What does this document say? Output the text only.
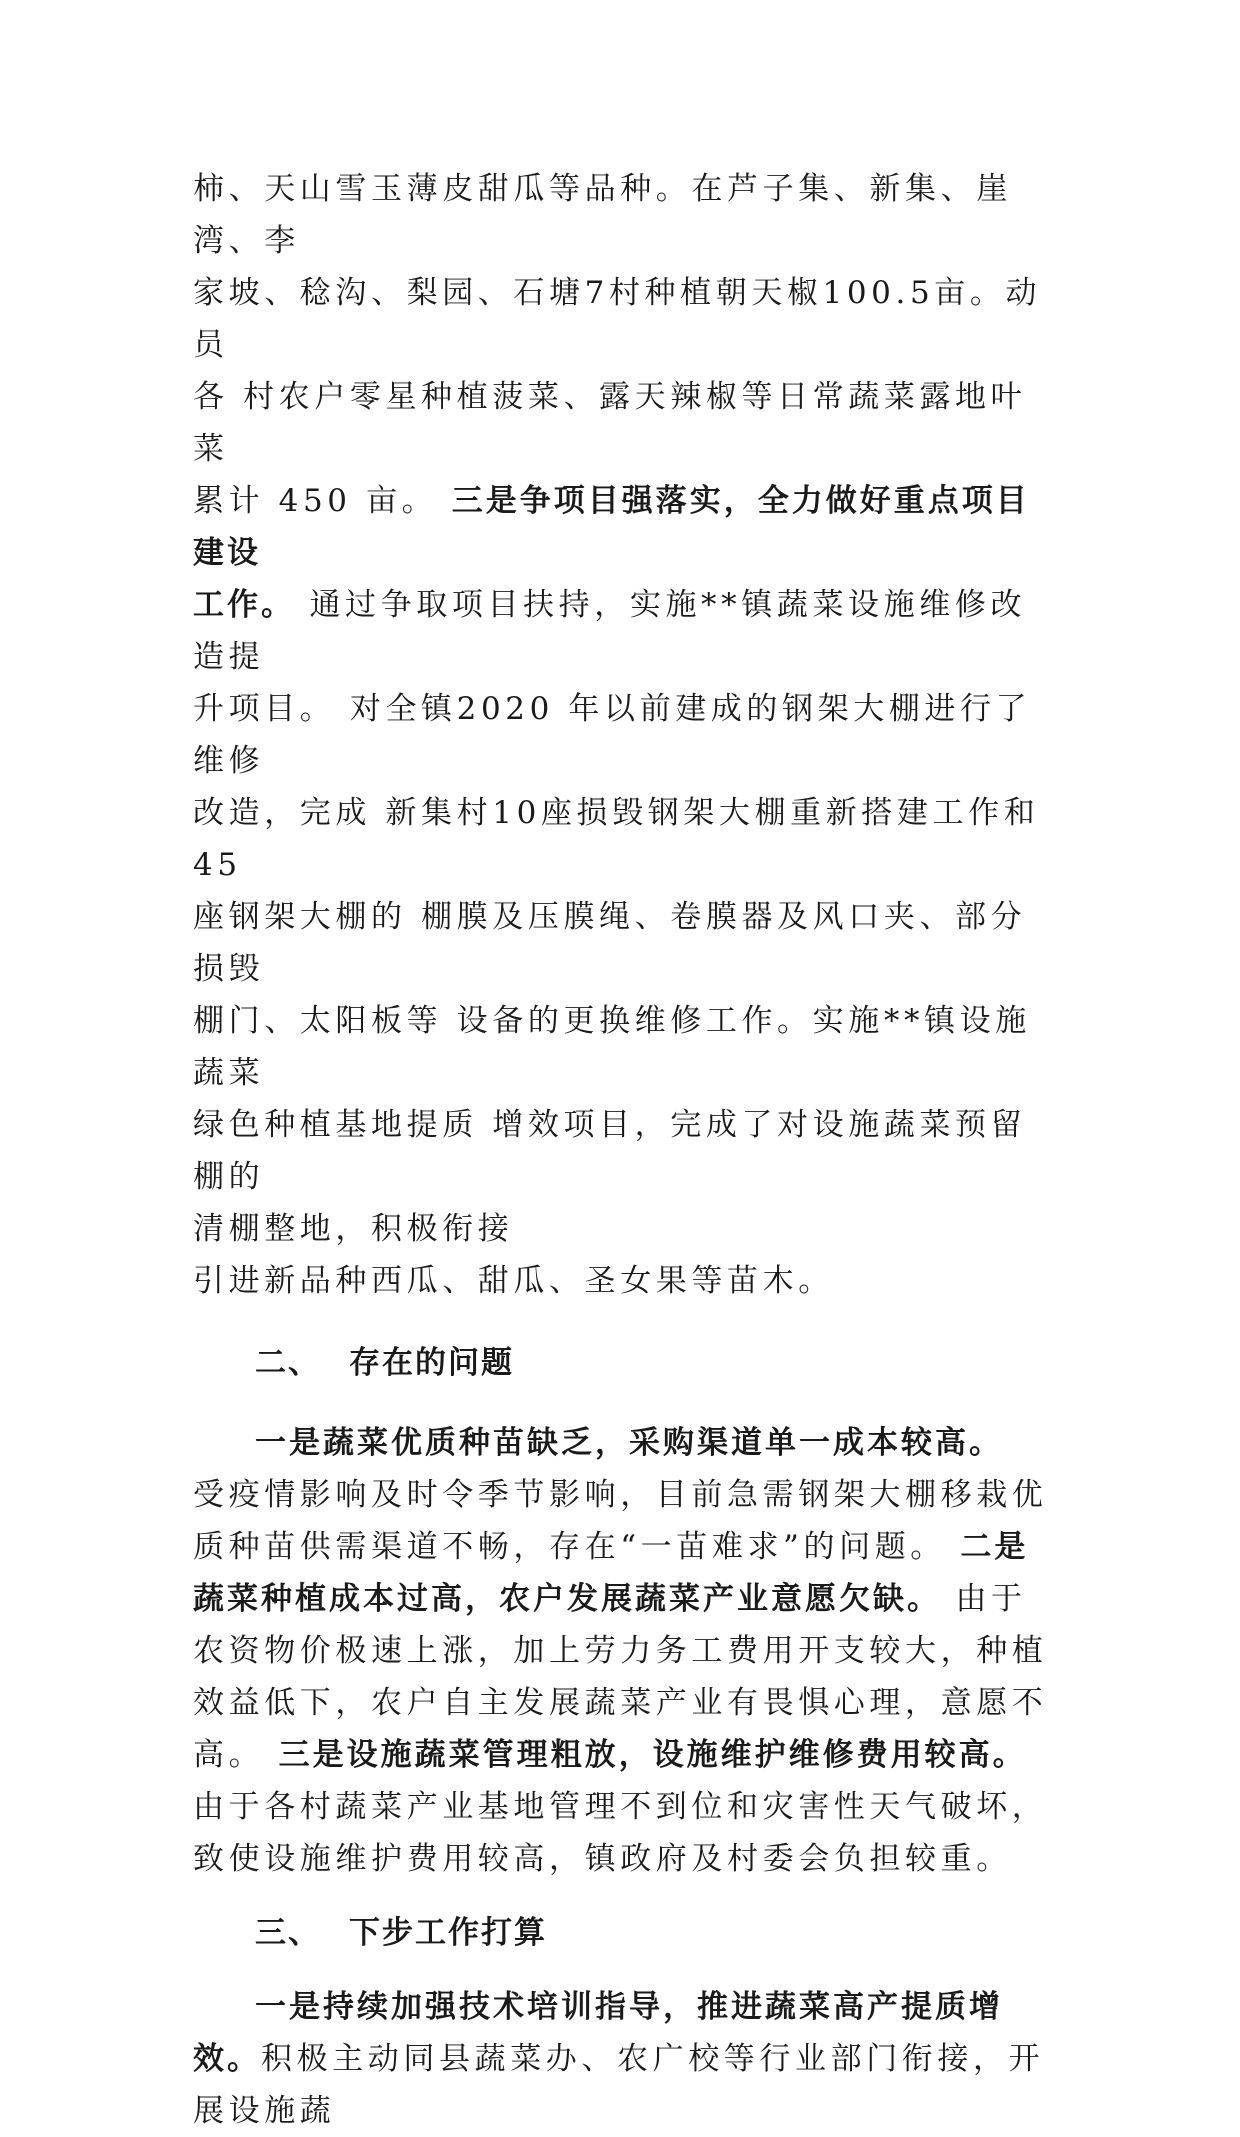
柿、天山雪玉薄皮甜瓜等品种。在芦子集、新集、崖湾、李

家坡、稔沟、梨园、石塘7村种植朝天椒100.5亩。动员

各 村农户零星种植菠菜、露天辣椒等日常蔬菜露地叶菜

累计 450 亩。 三是争项目强落实，全力做好重点项目建设

工作。 通过争取项目扶持，实施**镇蔬菜设施维修改造提

升项目。 对全镇2020 年以前建成的钢架大棚进行了维修

改造，完成 新集村10座损毁钢架大棚重新搭建工作和45

座钢架大棚的 棚膜及压膜绳、卷膜器及风口夹、部分损毁

棚门、太阳板等 设备的更换维修工作。实施**镇设施蔬菜

绿色种植基地提质 增效项目，完成了对设施蔬菜预留棚的

清棚整地，积极衔接

引进新品种西瓜、甜瓜、圣女果等苗木。

二、 存在的问题

一是蔬菜优质种苗缺乏，采购渠道单一成本较高。 受疫情影响及时令季节影响，目前急需钢架大棚移栽优质种苗供需渠道不畅，存在“一苗难求”的问题。 二是蔬菜种植成本过高，农户发展蔬菜产业意愿欠缺。 由于农资物价极速上涨，加上劳力务工费用开支较大，种植效益低下，农户自主发展蔬菜产业有畏惧心理，意愿不高。 三是设施蔬菜管理粗放，设施维护维修费用较高。 由于各村蔬菜产业基地管理不到位和灾害性天气破坏，致使设施维护费用较高，镇政府及村委会负担较重。

三、 下步工作打算

一是持续加强技术培训指导，推进蔬菜高产提质增效。积极主动同县蔬菜办、农广校等行业部门衔接，开展设施蔬
